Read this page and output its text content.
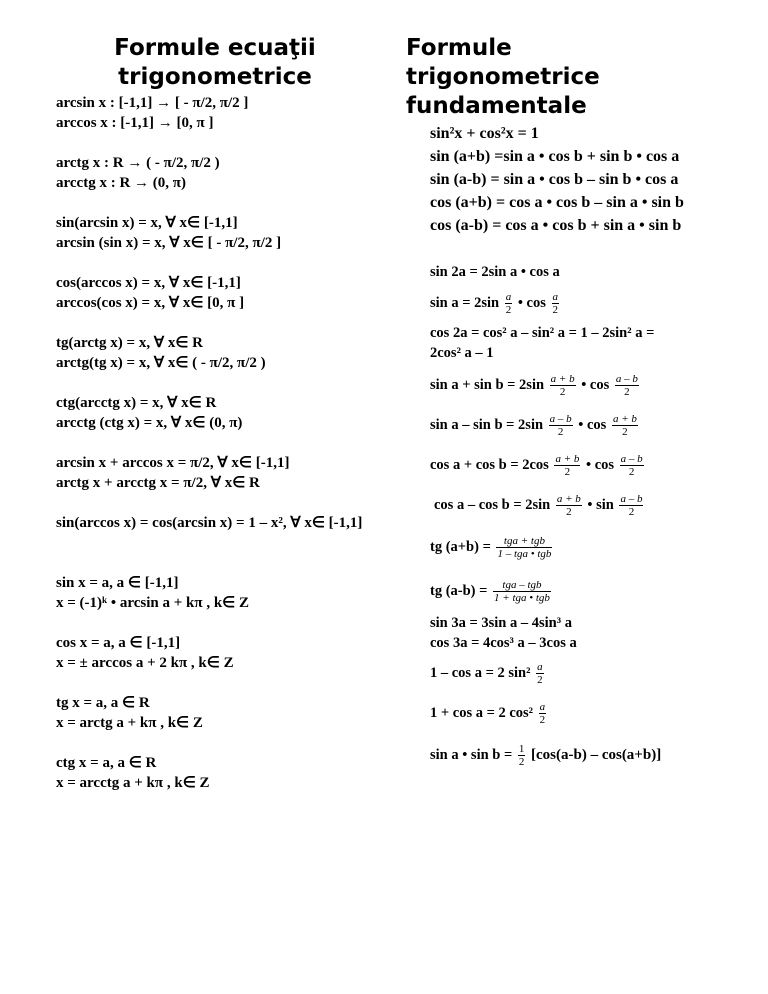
Formule ecuaţii
trigonometrice
Formule
trigonometrice
fundamentale
arcsin x : [-1,1] → [ - π/2, π/2 ]
arccos x : [-1,1] → [0, π ]
arctg x : R → ( - π/2, π/2 )
arcctg x : R → (0, π)
sin(arcsin x) = x, ∀ x∈ [-1,1]
arcsin (sin x) = x, ∀ x∈ [ - π/2, π/2 ]
cos(arccos x) = x, ∀ x∈ [-1,1]
arccos(cos x) = x, ∀ x∈ [0, π ]
tg(arctg x) = x, ∀ x∈ R
arctg(tg x) = x, ∀ x∈ ( - π/2, π/2 )
ctg(arcctg x) = x, ∀ x∈ R
arcctg (ctg x) = x, ∀ x∈ (0, π)
arcsin x + arccos x = π/2, ∀ x∈ [-1,1]
arctg x + arcctg x = π/2, ∀ x∈ R
sin(arccos x) = cos(arcsin x) = 1 – x², ∀ x∈ [-1,1]
sin x = a, a ∈ [-1,1]
x = (-1)ᵏ • arcsin a + kπ , k∈ Z
cos x = a, a ∈ [-1,1]
x = ± arccos a + 2 kπ , k∈ Z
tg x = a, a ∈ R
x = arctg a + kπ , k∈ Z
ctg x = a, a ∈ R
x = arcctg a + kπ , k∈ Z
sin²x + cos²x = 1
sin (a+b) =sin a • cos b + sin b • cos a
sin (a-b) = sin a • cos b – sin b • cos a
cos (a+b) = cos a • cos b – sin a • sin b
cos (a-b) = cos a • cos b + sin a • sin b
sin 2a = 2sin a • cos a
$\sin a = 2\sin \frac{a}{2}$ • $\cos \frac{a}{2}$
cos 2a = cos² a – sin² a = 1 – 2sin² a =
2cos² a – 1
$\sin a + \sin b = 2\sin \frac{a + b}{2}$ • $\cos \frac{a - b}{2}$
$\sin a - \sin b = 2\sin \frac{a - b}{2}$ • $\cos \frac{a + b}{2}$
$\cos a + \cos b = 2\cos \frac{a + b}{2}$ • $\cos \frac{a - b}{2}$
$\cos a - \cos b = 2\sin \frac{a + b}{2}$ • $\sin \frac{a - b}{2}$
tg (a+b) =	tga + tgb
1 – tga • tgb
tg (a-b) =	tga – tgb
1 + tga • tgb
sin 3a = 3sin a – 4sin³ a
cos 3a = 4cos³ a – 3cos a
1 – cos a = 2 $\sin^2 \frac{a}{2}$
1 + cos a = 2 $\cos^2 \frac{a}{2}$
sin a • $\sin b = \frac{1}{2} [\cos(a-b) - \cos(a+b)]$
